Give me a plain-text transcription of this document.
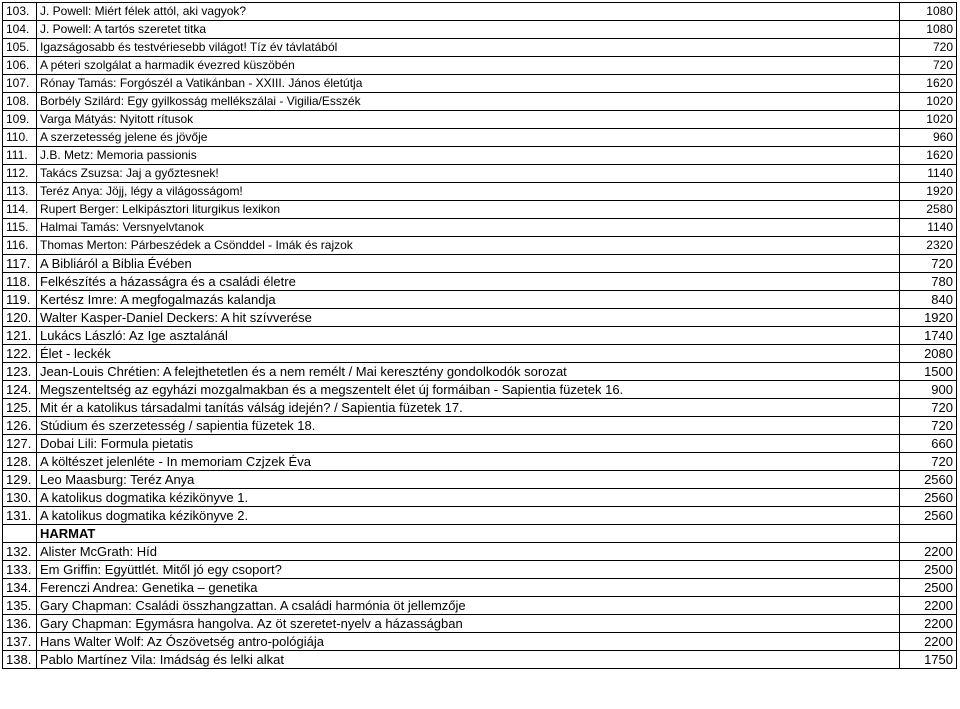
103.	J. Powell: Miért félek attól, aki vagyok?	1080
104.	J. Powell: A tartós szeretet titka	1080
105.	Igazságosabb és testvériesebb világot! Tíz év távlatából	720
106.	A péteri szolgálat a harmadik évezred küszöbén	720
107.	Rónay Tamás: Forgószél a Vatikánban - XXIII. János életútja	1620
108.	Borbély Szilárd: Egy gyilkosság mellékszálai - Vigilia/Esszék	1020
109.	Varga Mátyás: Nyitott rítusok	1020
110.	A szerzetesség jelene és jövője	960
111.	J.B. Metz: Memoria passionis	1620
112.	Takács Zsuzsa: Jaj a győztesnek!	1140
113.	Teréz Anya: Jöjj, légy a világosságom!	1920
114.	Rupert Berger: Lelkipásztori liturgikus lexikon	2580
115.	Halmai Tamás: Versnyelvtanok	1140
116.	Thomas Merton: Párbeszédek a Csönddel - Imák és rajzok	2320
117.	A Bibliáról a Biblia Évében	720
118.	Felkészítés a házasságra és a családi életre	780
119.	Kertész Imre: A megfogalmazás kalandja	840
120.	Walter Kasper-Daniel Deckers: A hit szívverése	1920
121.	Lukács László: Az Ige asztalánál	1740
122.	Élet - leckék	2080
123.	Jean-Louis Chrétien: A felejthetetlen és a nem remélt / Mai keresztény gondolkodók sorozat	1500
124.	Megszenteltség az egyházi mozgalmakban és a megszentelt élet új formáiban - Sapientia füzetek 16.	900
125.	Mit ér a katolikus társadalmi tanítás válság idején? / Sapientia füzetek 17.	720
126.	Stúdium és szerzetesség / sapientia füzetek 18.	720
127.	Dobai Lili: Formula pietatis	660
128.	A költészet jelenléte - In memoriam Czjzek Éva	720
129.	Leo Maasburg: Teréz Anya	2560
130.	A katolikus dogmatika kézikönyve 1.	2560
131.	A katolikus dogmatika kézikönyve 2.	2560
	HARMAT	
132.	Alister McGrath: Híd	2200
133.	Em Griffin: Együttlét. Mitől jó egy csoport?	2500
134.	Ferenczi Andrea: Genetika – genetika	2500
135.	Gary Chapman: Családi összhangzattan. A családi harmónia öt jellemzője	2200
136.	Gary Chapman: Egymásra hangolva. Az öt szeretet-nyelv a házasságban	2200
137.	Hans Walter Wolf: Az Ószövetség antro-pológiája	2200
138.	Pablo Martínez Vila: Imádság és lelki alkat	1750
